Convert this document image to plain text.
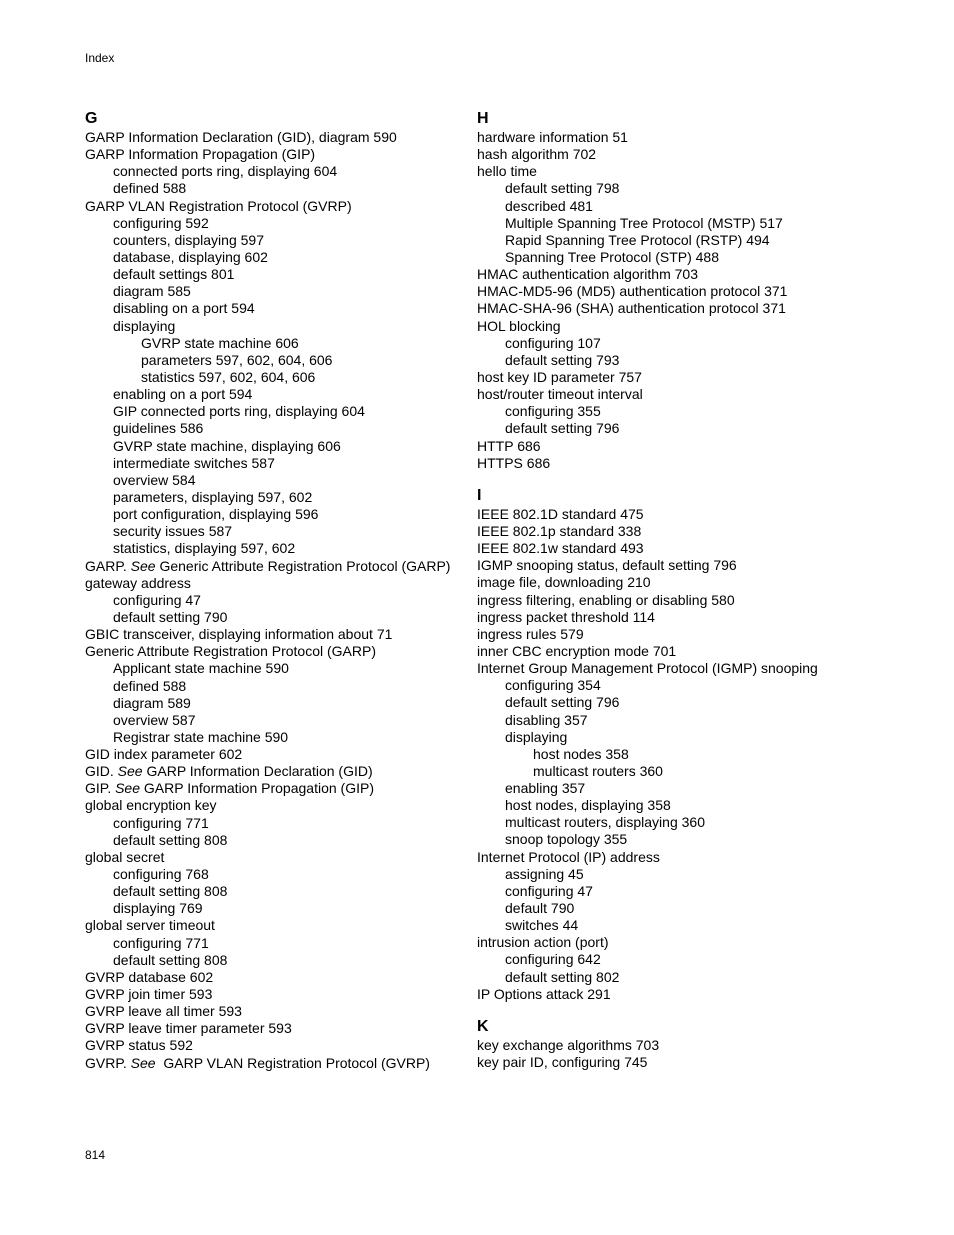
Index
G
GARP Information Declaration (GID), diagram 590
GARP Information Propagation (GIP)
connected ports ring, displaying 604
defined 588
GARP VLAN Registration Protocol (GVRP)
configuring 592
counters, displaying 597
database, displaying 602
default settings 801
diagram 585
disabling on a port 594
displaying
GVRP state machine 606
parameters 597, 602, 604, 606
statistics 597, 602, 604, 606
enabling on a port 594
GIP connected ports ring, displaying 604
guidelines 586
GVRP state machine, displaying 606
intermediate switches 587
overview 584
parameters, displaying 597, 602
port configuration, displaying 596
security issues 587
statistics, displaying 597, 602
GARP. See Generic Attribute Registration Protocol (GARP)
gateway address
configuring 47
default setting 790
GBIC transceiver, displaying information about 71
Generic Attribute Registration Protocol (GARP)
Applicant state machine 590
defined 588
diagram 589
overview 587
Registrar state machine 590
GID index parameter 602
GID. See GARP Information Declaration (GID)
GIP. See GARP Information Propagation (GIP)
global encryption key
configuring 771
default setting 808
global secret
configuring 768
default setting 808
displaying 769
global server timeout
configuring 771
default setting 808
GVRP database 602
GVRP join timer 593
GVRP leave all timer 593
GVRP leave timer parameter 593
GVRP status 592
GVRP. See  GARP VLAN Registration Protocol (GVRP)
H
hardware information 51
hash algorithm 702
hello time
default setting 798
described 481
Multiple Spanning Tree Protocol (MSTP) 517
Rapid Spanning Tree Protocol (RSTP) 494
Spanning Tree Protocol (STP) 488
HMAC authentication algorithm 703
HMAC-MD5-96 (MD5) authentication protocol 371
HMAC-SHA-96 (SHA) authentication protocol 371
HOL blocking
configuring 107
default setting 793
host key ID parameter 757
host/router timeout interval
configuring 355
default setting 796
HTTP 686
HTTPS 686
I
IEEE 802.1D standard 475
IEEE 802.1p standard 338
IEEE 802.1w standard 493
IGMP snooping status, default setting 796
image file, downloading 210
ingress filtering, enabling or disabling 580
ingress packet threshold 114
ingress rules 579
inner CBC encryption mode 701
Internet Group Management Protocol (IGMP) snooping
configuring 354
default setting 796
disabling 357
displaying
host nodes 358
multicast routers 360
enabling 357
host nodes, displaying 358
multicast routers, displaying 360
snoop topology 355
Internet Protocol (IP) address
assigning 45
configuring 47
default 790
switches 44
intrusion action (port)
configuring 642
default setting 802
IP Options attack 291
K
key exchange algorithms 703
key pair ID, configuring 745
814
